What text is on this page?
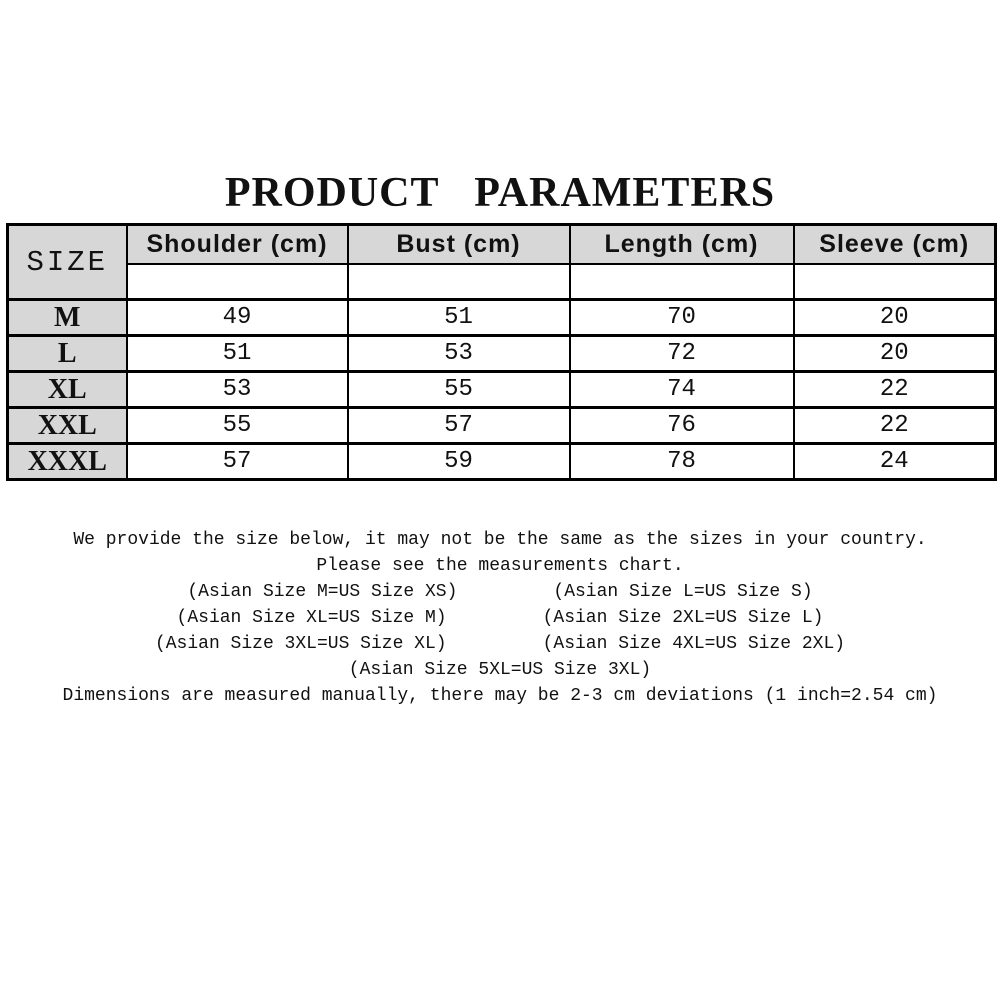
PRODUCT PARAMETERS
SIZE	Shoulder (cm)	Bust (cm)	Length (cm)	Sleeve (cm)

M	49	51	70	20
L	51	53	72	20
XL	53	55	74	22
XXL	55	57	76	22
XXXL	57	59	78	24
We provide the size below, it may not be the same as the sizes in your country.
Please see the measurements chart.
(Asian Size M=US Size XS)	(Asian Size L=US Size S)
(Asian Size XL=US Size M)	(Asian Size 2XL=US Size L)
(Asian Size 3XL=US Size XL)	(Asian Size 4XL=US Size 2XL)
(Asian Size 5XL=US Size 3XL)
Dimensions are measured manually, there may be 2-3 cm deviations (1 inch=2.54 cm)
